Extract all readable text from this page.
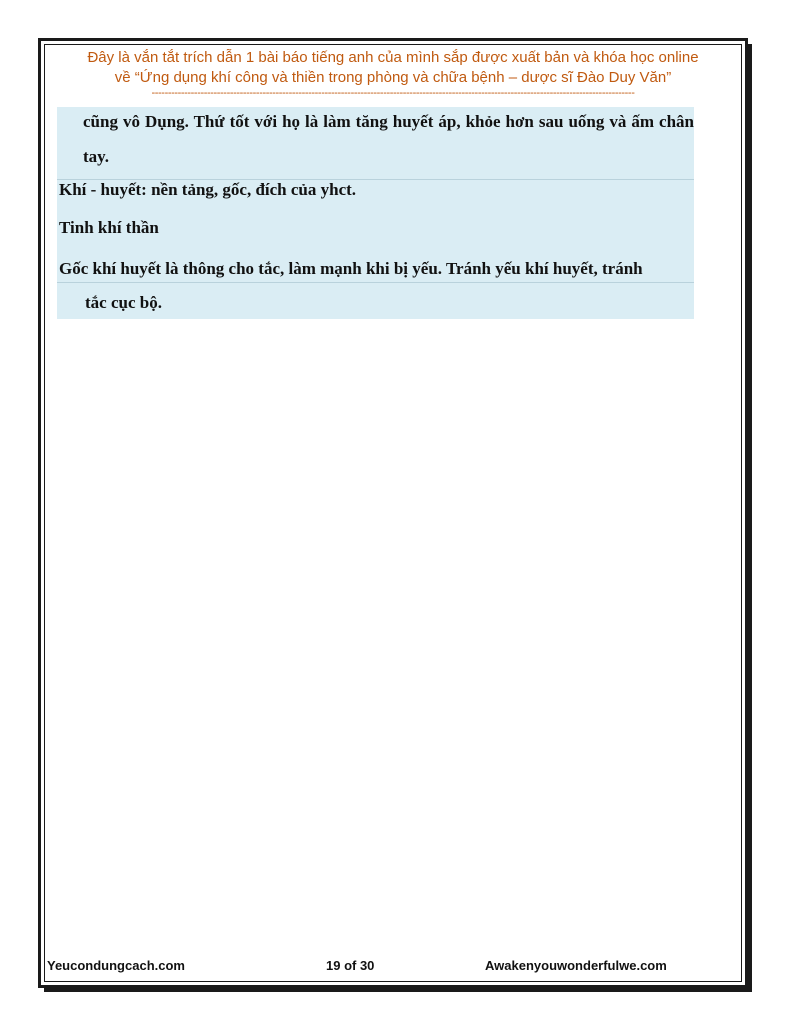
Đây là vắn tắt trích dẫn 1 bài báo tiếng anh của mình sắp được xuất bản và khóa học online
về “Ứng dụng khí công và thiền trong phòng và chữa bệnh – dược sĩ Đào Duy Văn”
----------------------------------------------------------------------------------------------------------------------------------------------------
cũng vô Dụng. Thứ tốt với họ là làm tăng huyết áp, khỏe hơn sau uống và ấm chân tay.
Khí - huyết: nền tảng, gốc, đích của yhct.
Tinh khí thần
Gốc khí huyết là thông cho tắc, làm mạnh khi bị yếu. Tránh yếu khí huyết, tránh
tắc cục bộ.
Yeucondungcach.com	19 of 30	Awakenyouwonderfulwe.com
